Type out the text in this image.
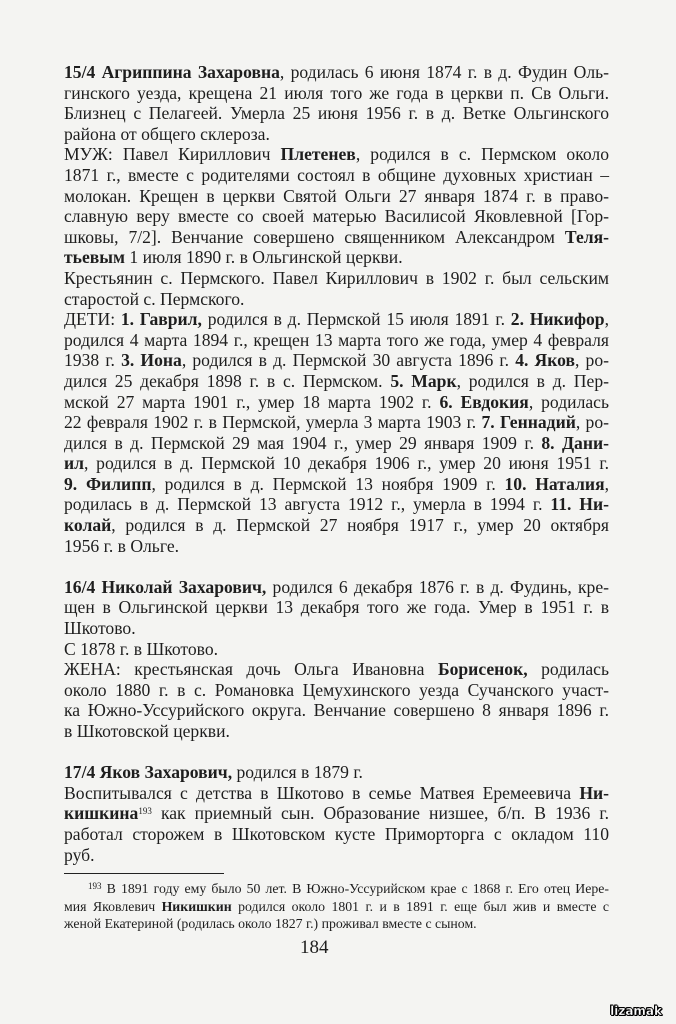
15/4 Агриппина Захаровна, родилась 6 июня 1874 г. в д. Фудин Оль-
гинского уезда, крещена 21 июля того же года в церкви п. Св Ольги.
Близнец с Пелагеей. Умерла 25 июня 1956 г. в д. Ветке Ольгинского
района от общего склероза.
МУЖ: Павел Кириллович Плетенев, родился в с. Пермском около
1871 г., вместе с родителями состоял в общине духовных христиан –
молокан. Крещен в церкви Святой Ольги 27 января 1874 г. в право-
славную веру вместе со своей матерью Василисой Яковлевной [Гор-
шковы, 7/2]. Венчание совершено священником Александром Теля-
тьевым 1 июля 1890 г. в Ольгинской церкви.
Крестьянин с. Пермского. Павел Кириллович в 1902 г. был сельским
старостой с. Пермского.
ДЕТИ: 1. Гаврил, родился в д. Пермской 15 июля 1891 г. 2. Никифор,
родился 4 марта 1894 г., крещен 13 марта того же года, умер 4 февраля
1938 г. 3. Иона, родился в д. Пермской 30 августа 1896 г. 4. Яков, ро-
дился 25 декабря 1898 г. в с. Пермском. 5. Марк, родился в д. Пер-
мской 27 марта 1901 г., умер 18 марта 1902 г. 6. Евдокия, родилась
22 февраля 1902 г. в Пермской, умерла 3 марта 1903 г. 7. Геннадий, ро-
дился в д. Пермской 29 мая 1904 г., умер 29 января 1909 г. 8. Дани-
ил, родился в д. Пермской 10 декабря 1906 г., умер 20 июня 1951 г.
9. Филипп, родился в д. Пермской 13 ноября 1909 г. 10. Наталия,
родилась в д. Пермской 13 августа 1912 г., умерла в 1994 г. 11. Ни-
колай, родился в д. Пермской 27 ноября 1917 г., умер 20 октября
1956 г. в Ольге.
16/4 Николай Захарович, родился 6 декабря 1876 г. в д. Фудинь, кре-
щен в Ольгинской церкви 13 декабря того же года. Умер в 1951 г. в
Шкотово.
С 1878 г. в Шкотово.
ЖЕНА: крестьянская дочь Ольга Ивановна Борисенок, родилась
около 1880 г. в с. Романовка Цемухинского уезда Сучанского участ-
ка Южно-Уссурийского округа. Венчание совершено 8 января 1896 г.
в Шкотовской церкви.
17/4 Яков Захарович, родился в 1879 г.
Воспитывался с детства в Шкотово в семье Матвея Еремеевича Ни-
кишкина$^{193}$ как приемный сын. Образование низшее, б/п. В 1936 г.
работал сторожем в Шкотовском кусте Приморторга с окладом 110
руб.
$^{193}$ В 1891 году ему было 50 лет. В Южно-Уссурийском крае с 1868 г. Его отец Иере-
мия Яковлевич Никишкин родился около 1801 г. и в 1891 г. еще был жив и вместе с
женой Екатериной (родилась около 1827 г.) проживал вместе с сыном.
184
lizamak
